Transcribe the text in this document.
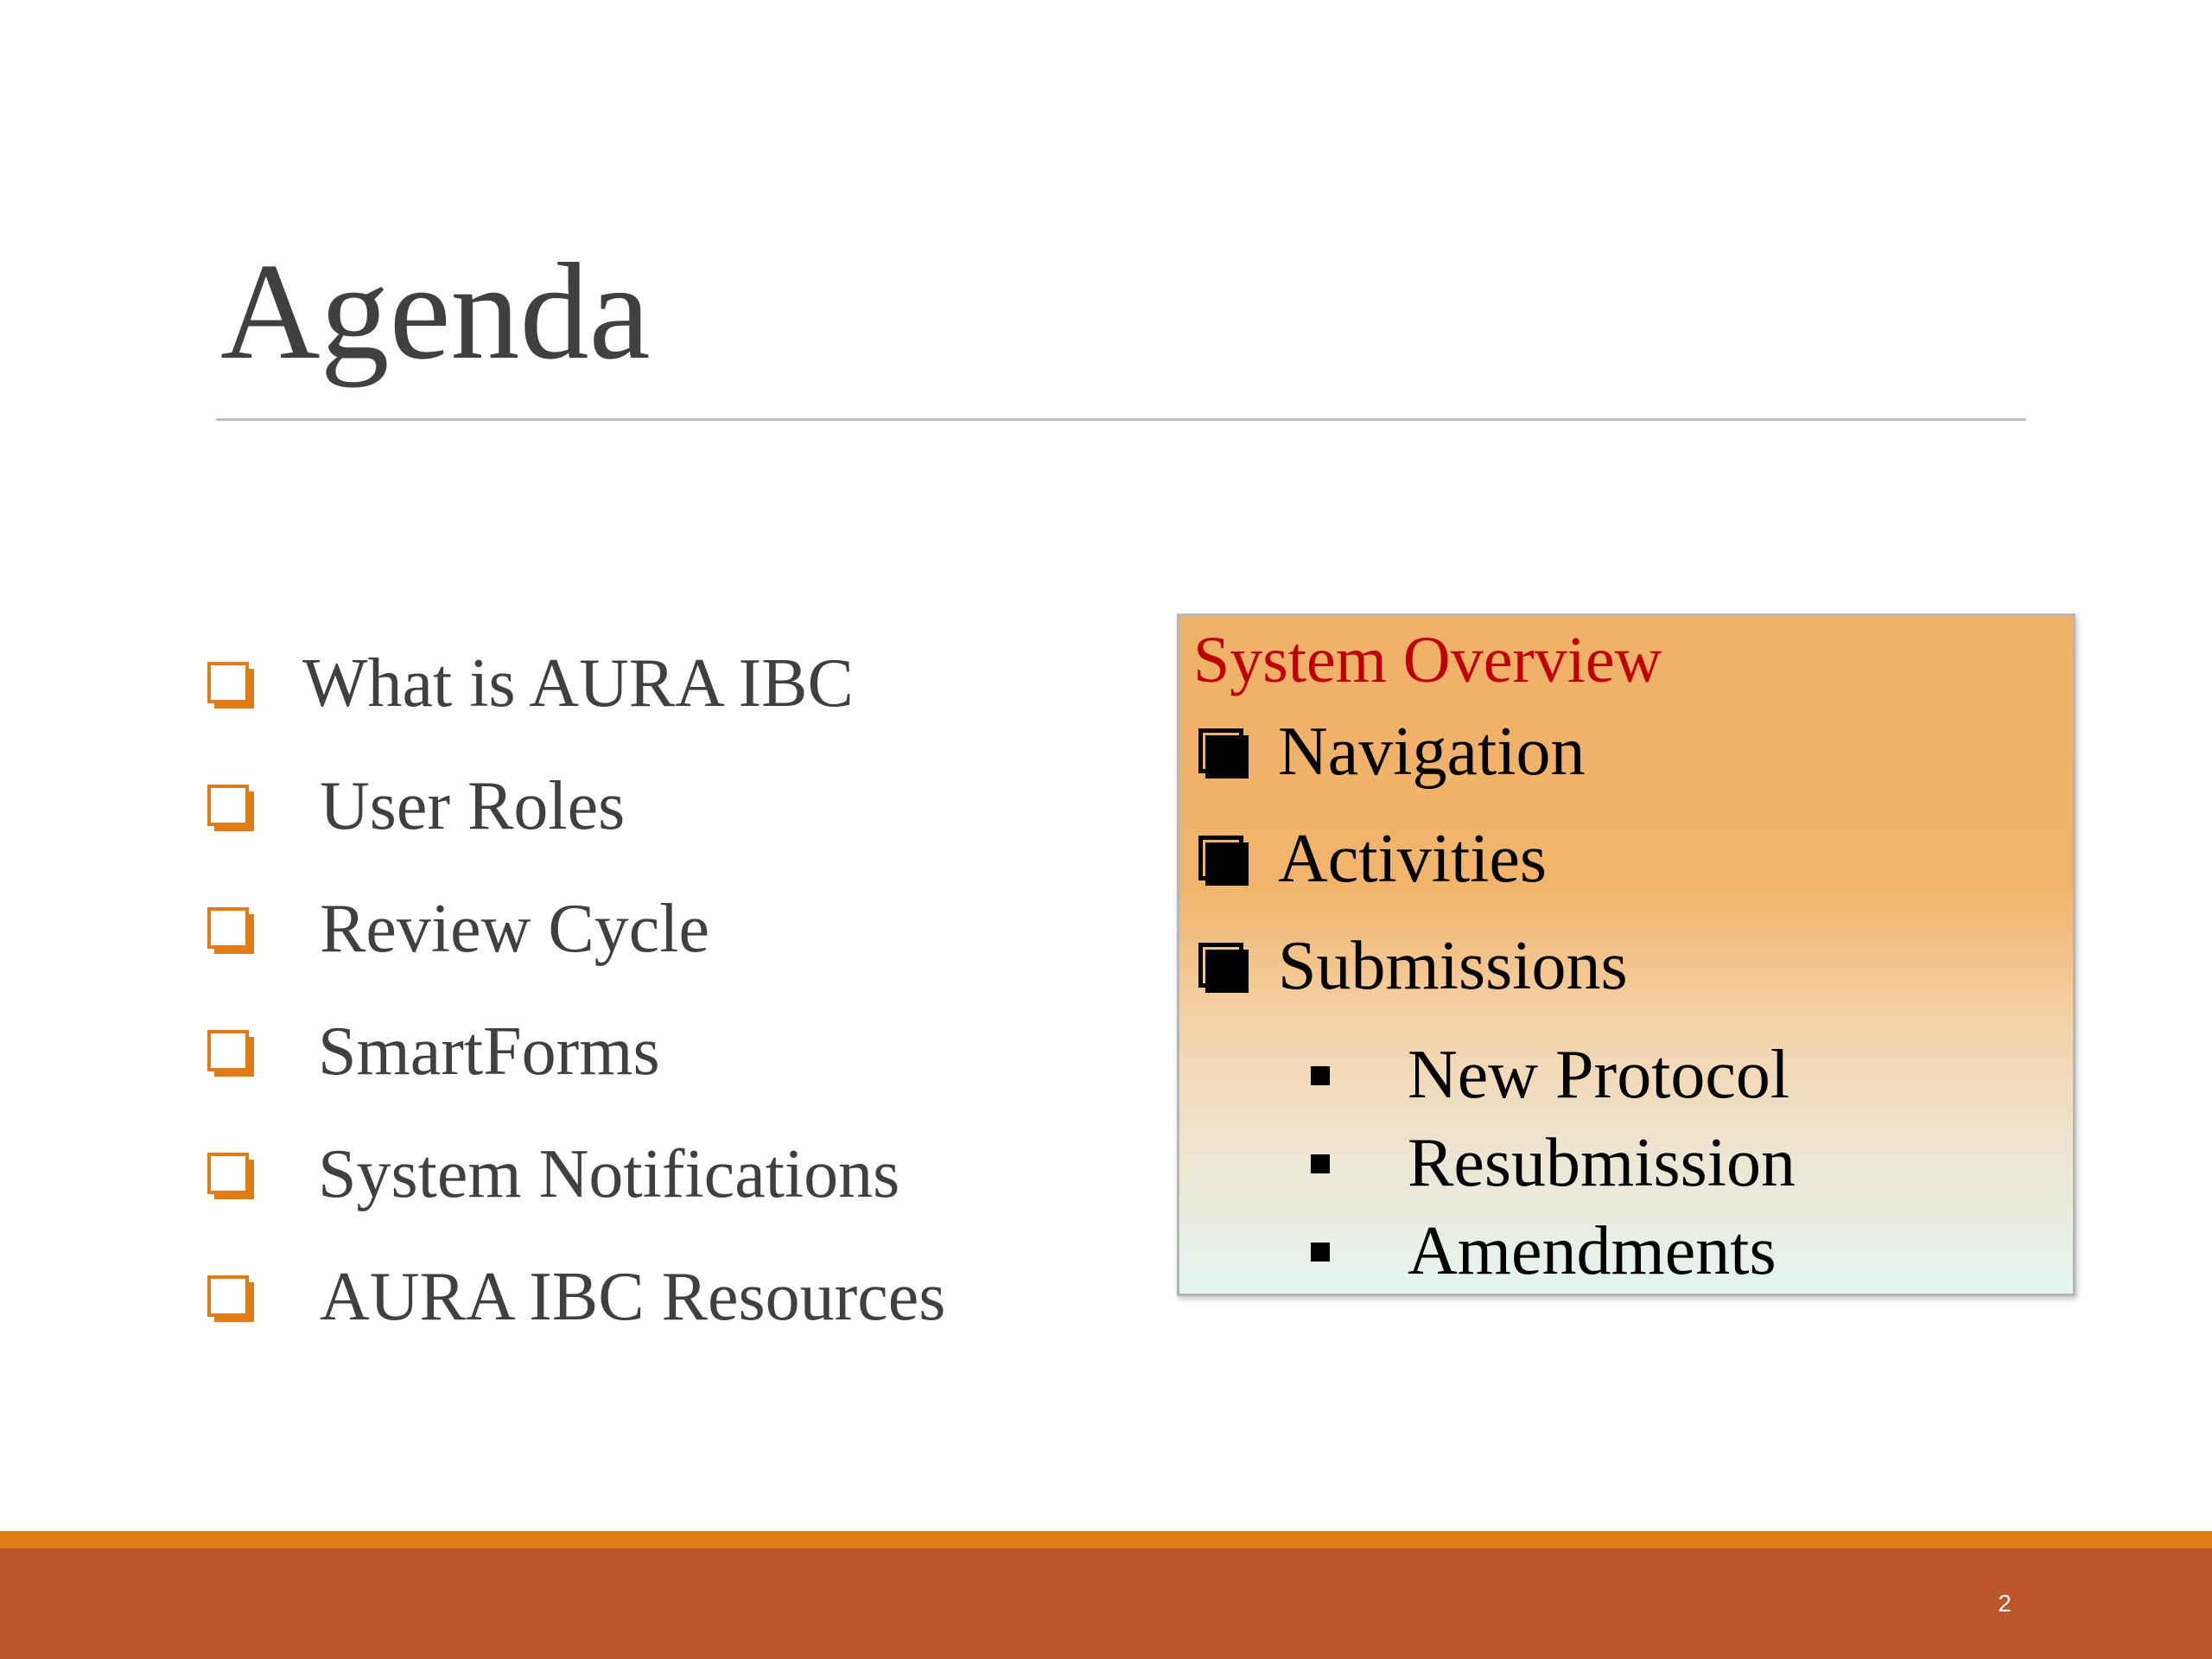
Agenda
What is AURA IBC
User Roles
Review Cycle
SmartForms
System Notifications
AURA IBC Resources
System Overview
Navigation
Activities
Submissions
New Protocol
Resubmission
Amendments
2
